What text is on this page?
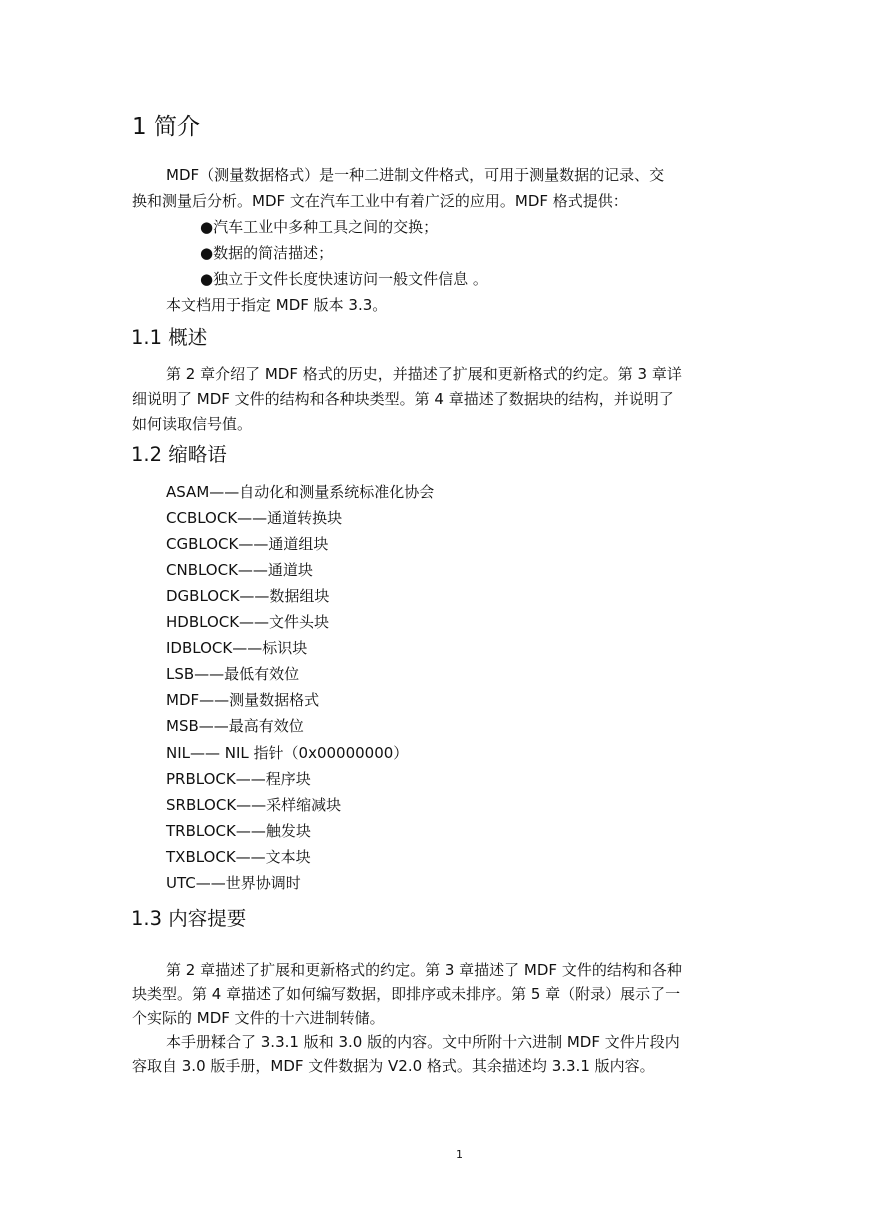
1 简介
MDF（测量数据格式）是一种二进制文件格式，可用于测量数据的记录、交
换和测量后分析。MDF 文在汽车工业中有着广泛的应用。MDF 格式提供：
●汽车工业中多种工具之间的交换；
●数据的简洁描述；
●独立于文件长度快速访问一般文件信息 。
本文档用于指定 MDF 版本 3.3。
1.1 概述
第 2 章介绍了 MDF 格式的历史，并描述了扩展和更新格式的约定。第 3 章详
细说明了 MDF 文件的结构和各种块类型。第 4 章描述了数据块的结构，并说明了
如何读取信号值。
1.2 缩略语
ASAM——自动化和测量系统标准化协会
CCBLOCK——通道转换块
CGBLOCK——通道组块
CNBLOCK——通道块
DGBLOCK——数据组块
HDBLOCK——文件头块
IDBLOCK——标识块
LSB——最低有效位
MDF——测量数据格式
MSB——最高有效位
NIL—— NIL 指针（0x00000000）
PRBLOCK——程序块
SRBLOCK——采样缩减块
TRBLOCK——触发块
TXBLOCK——文本块
UTC——世界协调时
1.3 内容提要
第 2 章描述了扩展和更新格式的约定。第 3 章描述了 MDF 文件的结构和各种
块类型。第 4 章描述了如何编写数据，即排序或未排序。第 5 章（附录）展示了一
个实际的 MDF 文件的十六进制转储。
本手册糅合了 3.3.1 版和 3.0 版的内容。文中所附十六进制 MDF 文件片段内
容取自 3.0 版手册，MDF 文件数据为 V2.0 格式。其余描述均 3.3.1 版内容。
1
